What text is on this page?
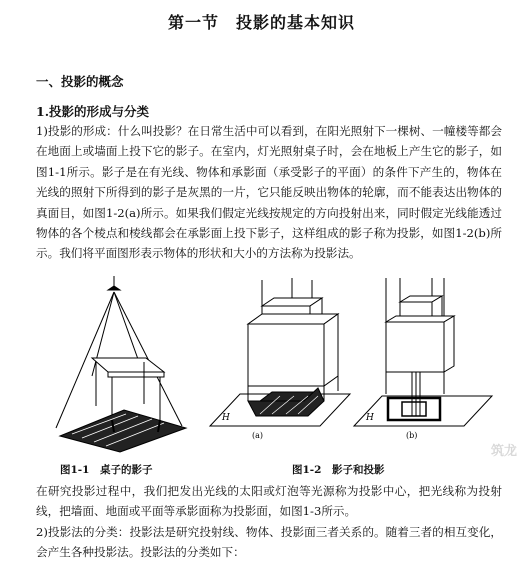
第一节　投影的基本知识
一、投影的概念
1.投影的形成与分类
1)投影的形成：什么叫投影？在日常生活中可以看到，在阳光照射下一棵树、一幢楼等都会在地面上或墙面上投下它的影子。在室内，灯光照射桌子时，会在地板上产生它的影子，如图1-1所示。影子是在有光线、物体和承影面（承受影子的平面）的条件下产生的，物体在光线的照射下所得到的影子是灰黑的一片，它只能反映出物体的轮廓，而不能表达出物体的真面目，如图1-2(a)所示。如果我们假定光线按规定的方向投射出来，同时假定光线能透过物体的各个棱点和棱线都会在承影面上投下影子，这样组成的影子称为投影，如图1-2(b)所示。我们将平面图形表示物体的形状和大小的方法称为投影法。
图1-1　桌子的影子
H
(a)
H
(b)
图1-2　影子和投影
筑龙
在研究投影过程中，我们把发出光线的太阳或灯泡等光源称为投影中心，把光线称为投射线，把墙面、地面或平面等承影面称为投影面，如图1-3所示。
2)投影法的分类：投影法是研究投射线、物体、投影面三者关系的。随着三者的相互变化，会产生各种投影法。投影法的分类如下：
